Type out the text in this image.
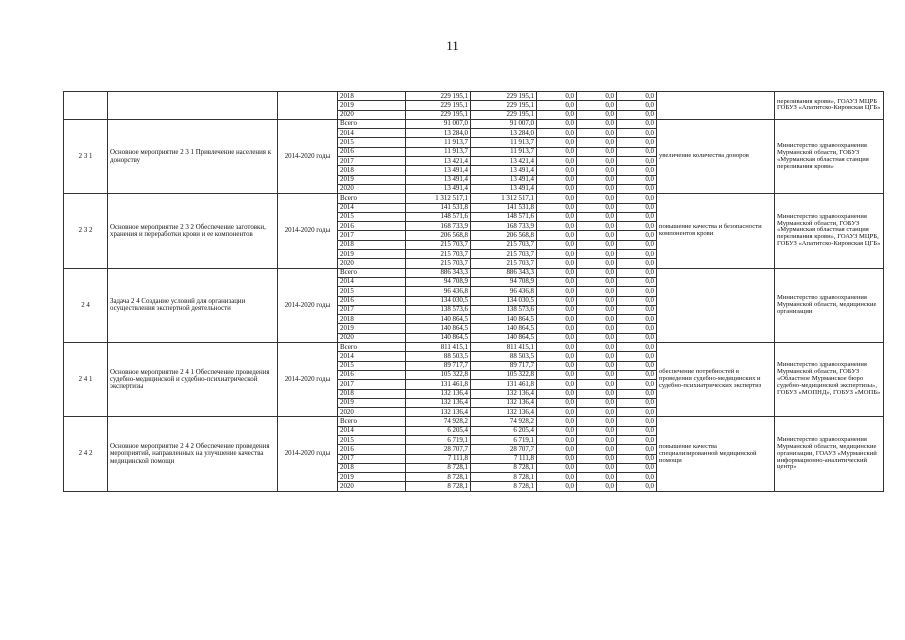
11
			2018	229 195,1	229 195,1	0,0	0,0	0,0		переливания крови», ГОАУЗ МЦРБ ГОБУЗ «Апатитско-Кировская ЦГБ»
			2019	229 195,1	229 195,1	0,0	0,0	0,0		
			2020	229 195,1	229 195,1	0,0	0,0	0,0		
2 3 1	Основное мероприятие 2 3 1 Привлечение населения к донорству	2014-2020 годы	Всего	91 007,0	91 007,0	0,0	0,0	0,0	увеличение количества доноров	Министерство здравоохранения Мурманской области, ГОБУЗ «Мурманская областная станция переливания крови»
			2014	13 284,0	13 284,0	0,0	0,0	0,0		
			2015	11 913,7	11 913,7	0,0	0,0	0,0		
			2016	11 913,7	11 913,7	0,0	0,0	0,0		
			2017	13 421,4	13 421,4	0,0	0,0	0,0		
			2018	13 491,4	13 491,4	0,0	0,0	0,0		
			2019	13 491,4	13 491,4	0,0	0,0	0,0		
			2020	13 491,4	13 491,4	0,0	0,0	0,0		
2 3 2	Основное мероприятие 2 3 2 Обеспечение заготовки, хранения и переработки крови и ее компонентов	2014-2020 годы	Всего	1 312 517,1	1 312 517,1	0,0	0,0	0,0	повышение качества и безопасности компонентов крови	Министерство здравоохранения Мурманской области, ГОБУЗ «Мурманская областная станция переливания крови», ГОАУЗ МЦРБ, ГОБУЗ «Апатитско-Кировская ЦГБ»
			2014	141 531,8	141 531,8	0,0	0,0	0,0		
			2015	148 571,6	148 571,6	0,0	0,0	0,0		
			2016	168 733,9	168 733,9	0,0	0,0	0,0		
			2017	206 568,8	206 568,8	0,0	0,0	0,0		
			2018	215 703,7	215 703,7	0,0	0,0	0,0		
			2019	215 703,7	215 703,7	0,0	0,0	0,0		
			2020	215 703,7	215 703,7	0,0	0,0	0,0		
2 4	Задача 2 4 Создание условий для организации осуществления экспертной деятельности	2014-2020 годы	Всего	886 343,3	886 343,3	0,0	0,0	0,0		Министерство здравоохранения Мурманской области, медицинские организации
			2014	94 708,9	94 708,9	0,0	0,0	0,0		
			2015	96 436,8	96 436,8	0,0	0,0	0,0		
			2016	134 030,5	134 030,5	0,0	0,0	0,0		
			2017	138 573,6	138 573,6	0,0	0,0	0,0		
			2018	140 864,5	140 864,5	0,0	0,0	0,0		
			2019	140 864,5	140 864,5	0,0	0,0	0,0		
			2020	140 864,5	140 864,5	0,0	0,0	0,0		
2 4 1	Основное мероприятие 2 4 1 Обеспечение проведения судебно-медицинской и судебно-психиатрической экспертизы	2014-2020 годы	Всего	811 415,1	811 415,1	0,0	0,0	0,0	обеспечение потребностей в проведении судебно-медицинских и судебно-психиатрических экспертиз	Министерство здравоохранения Мурманской области, ГОБУЗ «Областное Мурманское бюро судебно-медицинской экспертизы», ГОБУЗ «МОПНД», ГОБУЗ «МОПБ»
			2014	88 503,5	88 503,5	0,0	0,0	0,0		
			2015	89 717,7	89 717,7	0,0	0,0	0,0		
			2016	105 322,8	105 322,8	0,0	0,0	0,0		
			2017	131 461,8	131 461,8	0,0	0,0	0,0		
			2018	132 136,4	132 136,4	0,0	0,0	0,0		
			2019	132 136,4	132 136,4	0,0	0,0	0,0		
			2020	132 136,4	132 136,4	0,0	0,0	0,0		
2 4 2	Основное мероприятие 2 4 2 Обеспечение проведения мероприятий, направленных на улучшение качества медицинской помощи	2014-2020 годы	Всего	74 928,2	74 928,2	0,0	0,0	0,0	повышение качества специализированной медицинской помощи	Министерство здравоохранения Мурманской области, медицинские организации, ГОАУЗ «Мурманский информационно-аналитический центр»
			2014	6 205,4	6 205,4	0,0	0,0	0,0		
			2015	6 719,1	6 719,1	0,0	0,0	0,0		
			2016	28 707,7	28 707,7	0,0	0,0	0,0		
			2017	7 111,8	7 111,8	0,0	0,0	0,0		
			2018	8 728,1	8 728,1	0,0	0,0	0,0		
			2019	8 728,1	8 728,1	0,0	0,0	0,0		
			2020	8 728,1	8 728,1	0,0	0,0	0,0		
